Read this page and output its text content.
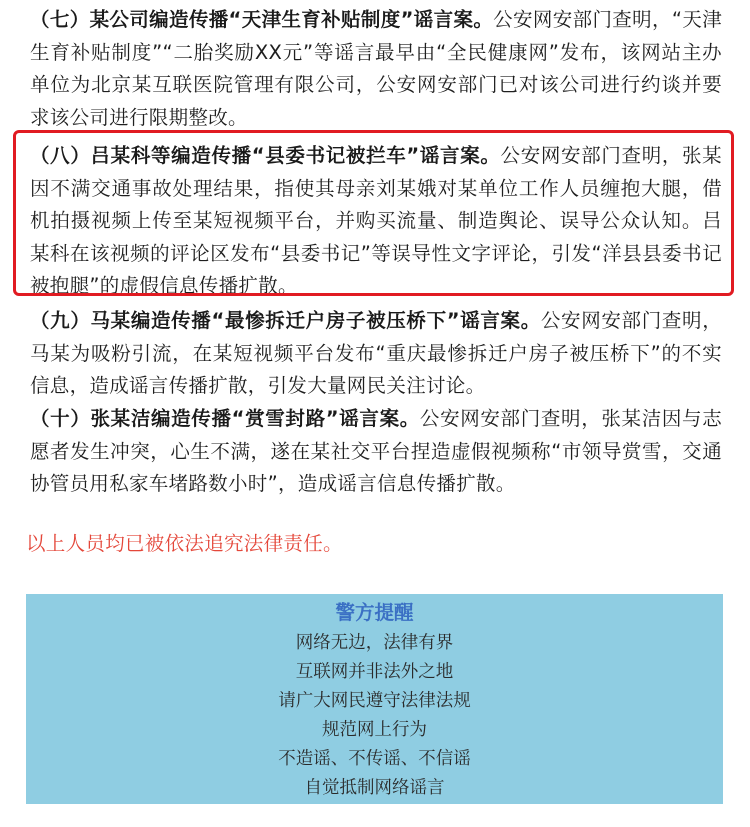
（七）某公司编造传播“天津生育补贴制度”谣言案。公安网安部门查明，“天津生育补贴制度”“二胎奖励XX元”等谣言最早由“全民健康网”发布，该网站主办单位为北京某互联医院管理有限公司，公安网安部门已对该公司进行约谈并要求该公司进行限期整改。

（八）吕某科等编造传播“县委书记被拦车”谣言案。公安网安部门查明，张某因不满交通事故处理结果，指使其母亲刘某娥对某单位工作人员缠抱大腿，借机拍摄视频上传至某短视频平台，并购买流量、制造舆论、误导公众认知。吕某科在该视频的评论区发布“县委书记”等误导性文字评论，引发“洋县县委书记被抱腿”的虚假信息传播扩散。

（九）马某编造传播“最惨拆迁户房子被压桥下”谣言案。公安网安部门查明，马某为吸粉引流，在某短视频平台发布“重庆最惨拆迁户房子被压桥下”的不实信息，造成谣言传播扩散，引发大量网民关注讨论。

（十）张某洁编造传播“赏雪封路”谣言案。公安网安部门查明，张某洁因与志愿者发生冲突，心生不满，遂在某社交平台捏造虚假视频称“市领导赏雪，交通协管员用私家车堵路数小时”，造成谣言信息传播扩散。

以上人员均已被依法追究法律责任。
警方提醒
网络无边，法律有界
互联网并非法外之地
请广大网民遵守法律法规
规范网上行为
不造谣、不传谣、不信谣
自觉抵制网络谣言
